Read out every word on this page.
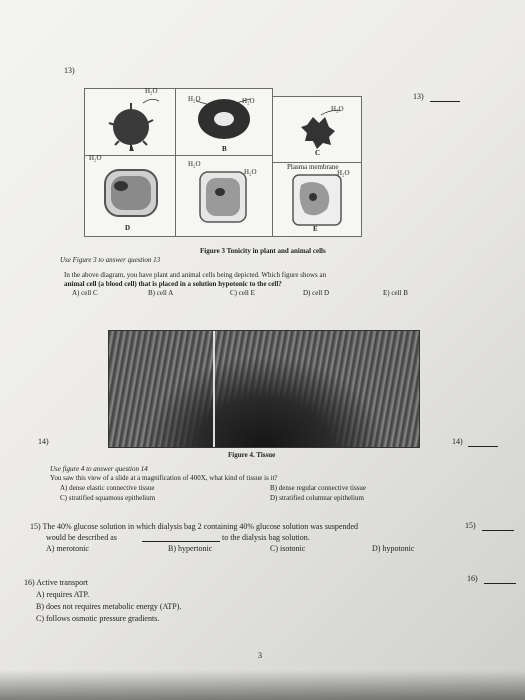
13)
13)
H₂O
A
H₂O	H₂O
B
H₂O
C
H₂O
D
H₂O
H₂O
Plasma membrane
H₂O
E
Figure 3 Tonicity in plant and animal cells
Use Figure 3 to answer question 13
In the above diagram, you have plant and animal cells being depicted. Which figure shows an
animal cell (a blood cell) that is placed in a solution hypotonic to the cell?
A) cell C	B) cell A	C) cell E	D) cell D	E) cell B
14)	14)
Figure 4. Tissue
Use figure 4 to answer question 14
You saw this view of a slide at a magnification of 400X, what kind of tissue is it?
A) dense elastic connective tissue	B) dense regular connective tissue
C) stratified squamous epithelium	D) stratified columnar epithelium
15) The 40% glucose solution in which dialysis bag 2 containing 40% glucose solution was suspended	15)
would be described as	to the dialysis bag solution.
A) merotonic	B) hypertonic	C) isotonic	D) hypotonic
16) Active transport	16)
A) requires ATP.
B) does not requires metabolic energy (ATP).
C) follows osmotic pressure gradients.
3
